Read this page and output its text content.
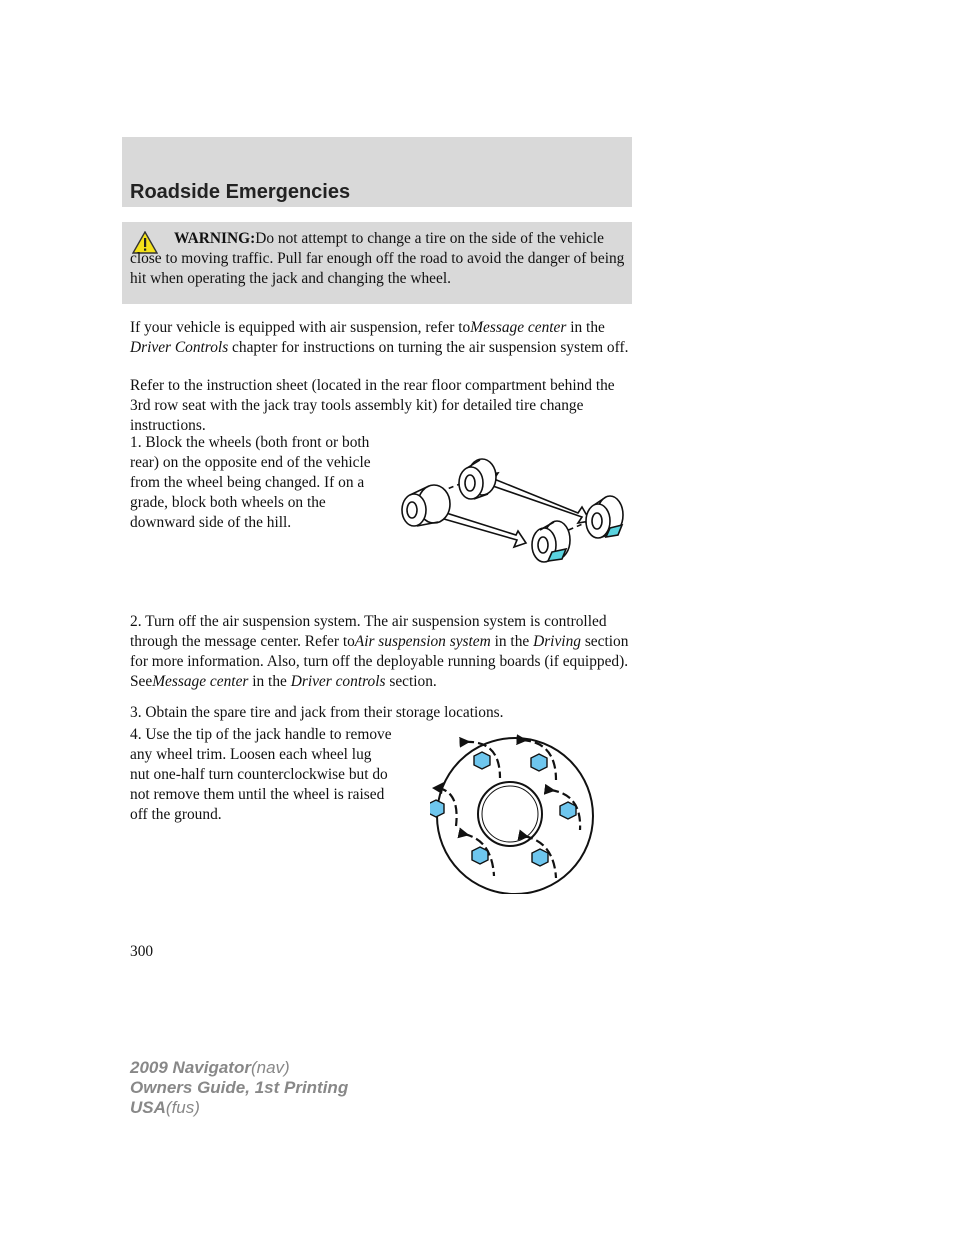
Roadside Emergencies
WARNING:Do not attempt to change a tire on the side of the vehicle close to moving traffic. Pull far enough off the road to avoid the danger of being hit when operating the jack and changing the wheel.

If your vehicle is equipped with air suspension, refer toMessage center in the Driver Controls chapter for instructions on turning the air suspension system off.

Refer to the instruction sheet (located in the rear floor compartment behind the 3rd row seat with the jack tray tools assembly kit) for detailed tire change instructions.

1. Block the wheels (both front or both rear) on the opposite end of the vehicle from the wheel being changed. If on a grade, block both wheels on the downward side of the hill.

2. Turn off the air suspension system. The air suspension system is controlled through the message center. Refer toAir suspension system in the Driving section for more information. Also, turn off the deployable running boards (if equipped). SeeMessage center in the Driver controls section.

3. Obtain the spare tire and jack from their storage locations.

4. Use the tip of the jack handle to remove any wheel trim. Loosen each wheel lug nut one-half turn counterclockwise but do not remove them until the wheel is raised off the ground.

300
2009 Navigator(nav)
Owners Guide, 1st Printing
USA(fus)
